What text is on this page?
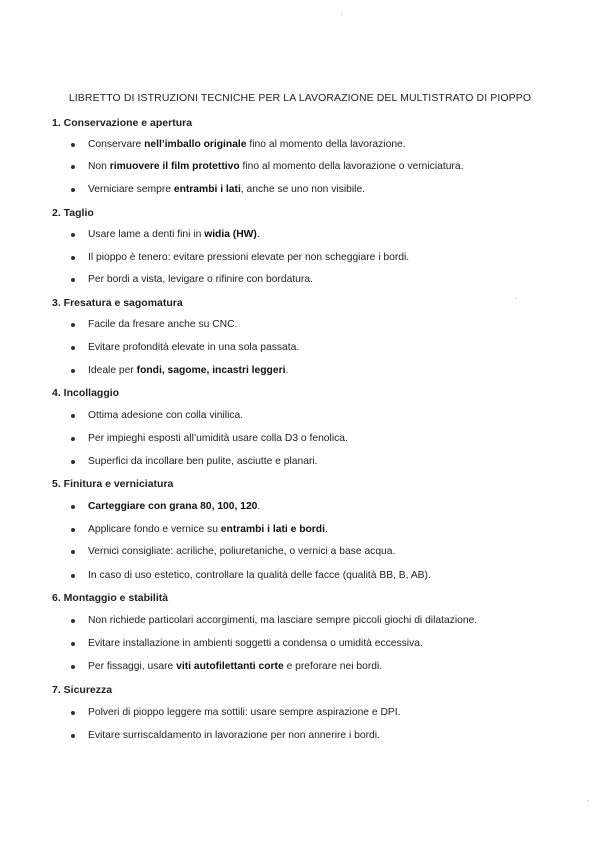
LIBRETTO DI ISTRUZIONI TECNICHE PER LA LAVORAZIONE DEL MULTISTRATO DI PIOPPO
1. Conservazione e apertura
Conservare nell’imballo originale fino al momento della lavorazione.
Non rimuovere il film protettivo fino al momento della lavorazione o verniciatura.
Verniciare sempre entrambi i lati, anche se uno non visibile.
2. Taglio
Usare lame a denti fini in widia (HW).
Il pioppo è tenero: evitare pressioni elevate per non scheggiare i bordi.
Per bordi a vista, levigare o rifinire con bordatura.
3. Fresatura e sagomatura
Facile da fresare anche su CNC.
Evitare profondità elevate in una sola passata.
Ideale per fondi, sagome, incastri leggeri.
4. Incollaggio
Ottima adesione con colla vinilica.
Per impieghi esposti all’umidità usare colla D3 o fenolica.
Superfici da incollare ben pulite, asciutte e planari.
5. Finitura e verniciatura
Carteggiare con grana 80, 100, 120.
Applicare fondo e vernice su entrambi i lati e bordi.
Vernici consigliate: acriliche, poliuretaniche, o vernici a base acqua.
In caso di uso estetico, controllare la qualità delle facce (qualità BB, B, AB).
6. Montaggio e stabilità
Non richiede particolari accorgimenti, ma lasciare sempre piccoli giochi di dilatazione.
Evitare installazione in ambienti soggetti a condensa o umidità eccessiva.
Per fissaggi, usare viti autofilettanti corte e preforare nei bordi.
7. Sicurezza
Polveri di pioppo leggere ma sottili: usare sempre aspirazione e DPI.
Evitare surriscaldamento in lavorazione per non annerire i bordi.
